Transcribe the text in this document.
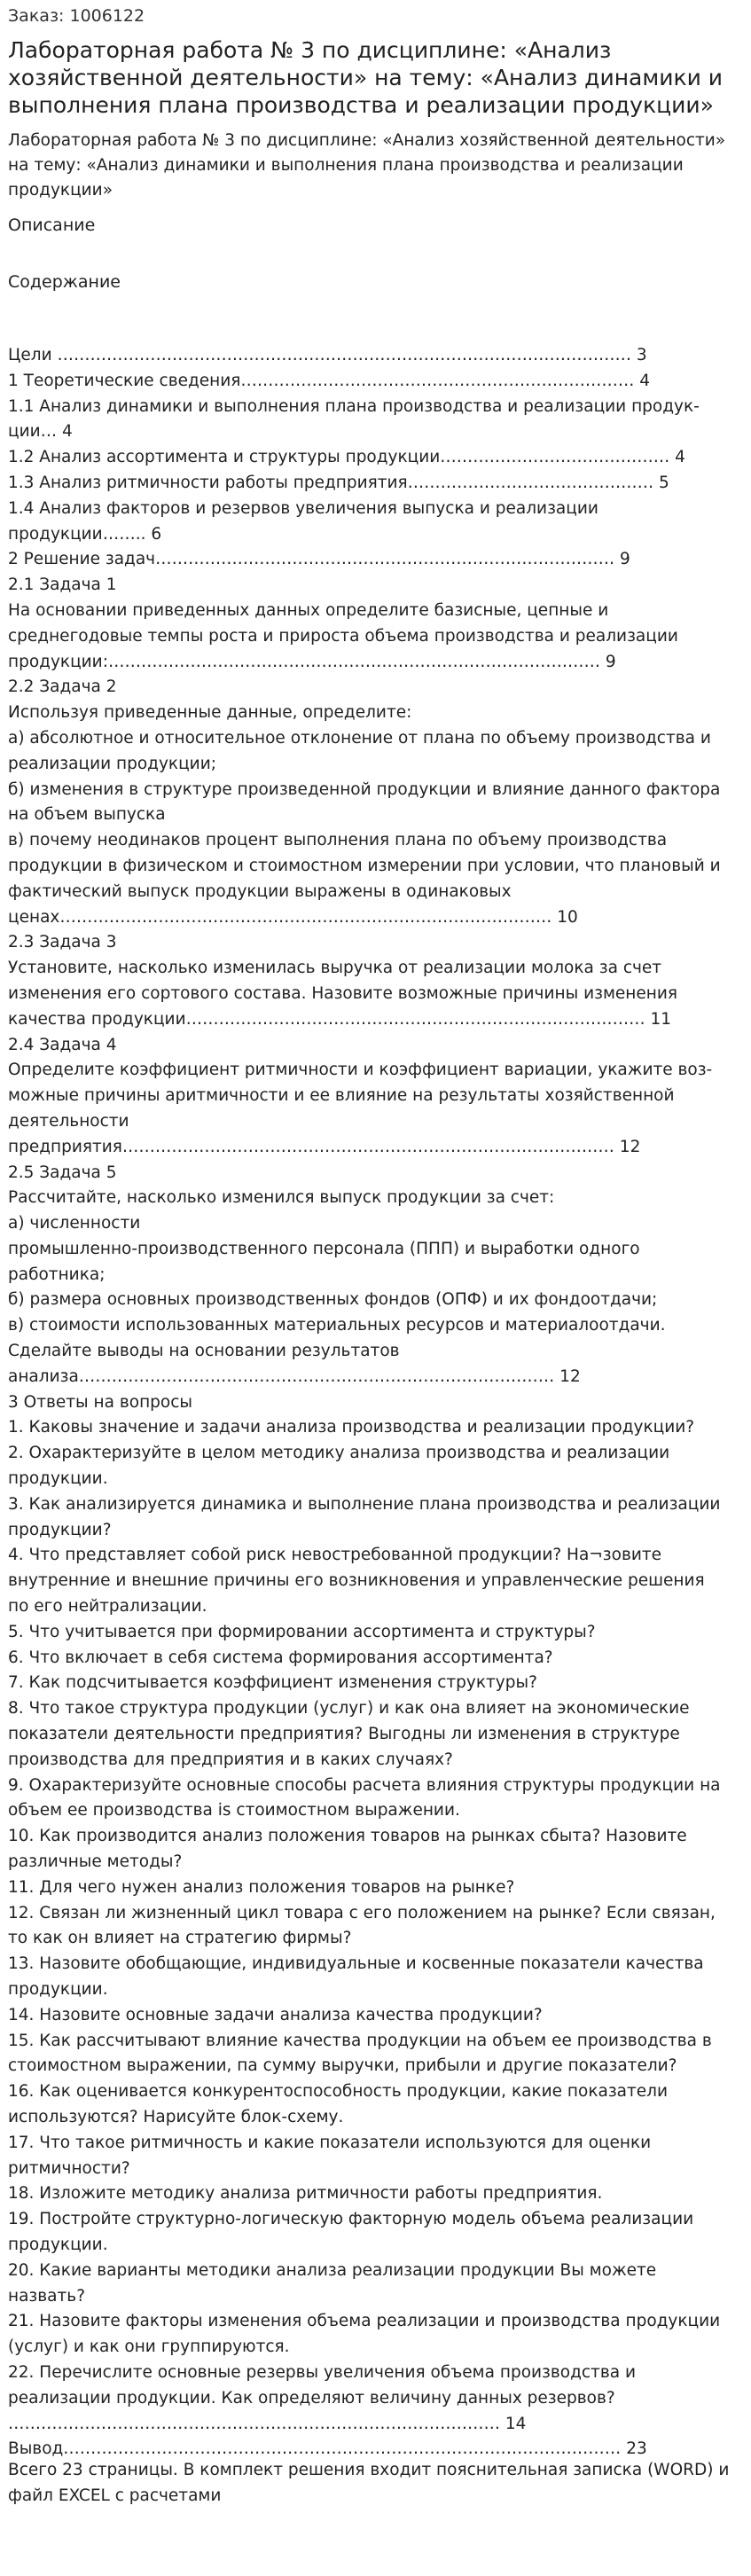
Заказ: 1006122
Лабораторная работа № 3 по дисциплине: «Анализ хозяйственной деятельности» на тему: «Анализ динамики и выполнения плана производства и реализации продукции»

Лабораторная работа № 3 по дисциплине: «Анализ хозяйственной деятельности» на тему: «Анализ динамики и выполнения плана производства и реализации продукции»

Описание
Содержание
Цели …………………………………………………………………………………………… 3
1 Теоретические сведения……………………………………………………………… 4
1.1 Анализ динамики и выполнения плана производства и реализации продук-
ции… 4
1.2 Анализ ассортимента и структуры продукции…………………………………… 4
1.3 Анализ ритмичности работы предприятия……………………………………… 5
1.4 Анализ факторов и резервов увеличения выпуска и реализации
продукции…….. 6
2 Решение задач………………………………………………………………………… 9
2.1 Задача 1
На основании приведенных данных определите базисные, цепные и
среднегодовые темпы роста и прироста объема производства и реализации
продукции:……………………………………………………………………………… 9
2.2 Задача 2
Используя приведенные данные, определите:
а) абсолютное и относительное отклонение от плана по объему производства и
реализации продукции;
б) изменения в структуре произведенной продукции и влияние данного фактора
на объем выпуска
в) почему неодинаков процент выполнения плана по объему производства
продукции в физическом и стоимостном измерении при условии, что плановый и
фактический выпуск продукции выражены в одинаковых
ценах……………………………………………………………………………… 10
2.3 Задача 3
Установите, насколько изменилась выручка от реализации молока за счет
изменения его сортового состава. Назовите возможные причины изменения
качества продукции………………………………………………………………………… 11
2.4 Задача 4
Определите коэффициент ритмичности и коэффициент вариации, укажите воз-
можные причины аритмичности и ее влияние на результаты хозяйственной
деятельности
предприятия……………………………………………………………………………… 12
2.5 Задача 5
Рассчитайте, насколько изменился выпуск продукции за счет:
а) численности
промышленно-производственного персонала (ППП) и выработки одного
работника;
б) размера основных производственных фондов (ОПФ) и их фондоотдачи;
в) стоимости использованных материальных ресурсов и материалоотдачи.
Сделайте выводы на основании результатов
анализа…………………………………………………………………………… 12
3 Ответы на вопросы
1. Каковы значение и задачи анализа производства и реализации продукции?
2. Охарактеризуйте в целом методику анализа производства и реализации
продукции.
3. Как анализируется динамика и выполнение плана производства и реализации
продукции?
4. Что представляет собой риск невостребованной продукции? На¬зовите
внутренние и внешние причины его возникновения и управленческие решения
по его нейтрализации.
5. Что учитывается при формировании ассортимента и структуры?
6. Что включает в себя система формирования ассортимента?
7. Как подсчитывается коэффициент изменения структуры?
8. Что такое структура продукции (услуг) и как она влияет на экономические
показатели деятельности предприятия? Выгодны ли изменения в структуре
производства для предприятия и в каких случаях?
9. Охарактеризуйте основные способы расчета влияния структуры продукции на
объем ее производства іs стоимостном выражении.
10. Как производится анализ положения товаров на рынках сбыта? Назовите
различные методы?
11. Для чего нужен анализ положения товаров на рынке?
12. Связан ли жизненный цикл товара с его положением на рынке? Если связан,
то как он влияет на стратегию фирмы?
13. Назовите обобщающие, индивидуальные и косвенные показатели качества
продукции.
14. Назовите основные задачи анализа качества продукции?
15. Как рассчитывают влияние качества продукции на объем ее производства в
стоимостном выражении, па сумму выручки, прибыли и другие показатели?
16. Как оценивается конкурентоспособность продукции, какие показатели
используются? Нарисуйте блок-схему.
17. Что такое ритмичность и какие показатели используются для оценки
ритмичности?
18. Изложите методику анализа ритмичности работы предприятия.
19. Постройте структурно-логическую факторную модель объема реализации
продукции.
20. Какие варианты методики анализа реализации продукции Вы можете
назвать?
21. Назовите факторы изменения объема реализации и производства продукции
(услуг) и как они группируются.
22. Перечислите основные резервы увеличения объема производства и
реализации продукции. Как определяют величину данных резервов?
……………………………………………………………………………… 14
Вывод………………………………………………………………………………………… 23
Всего 23 страницы. В комплект решения входит пояснительная записка (WORD) и файл EXCEL с расчетами
